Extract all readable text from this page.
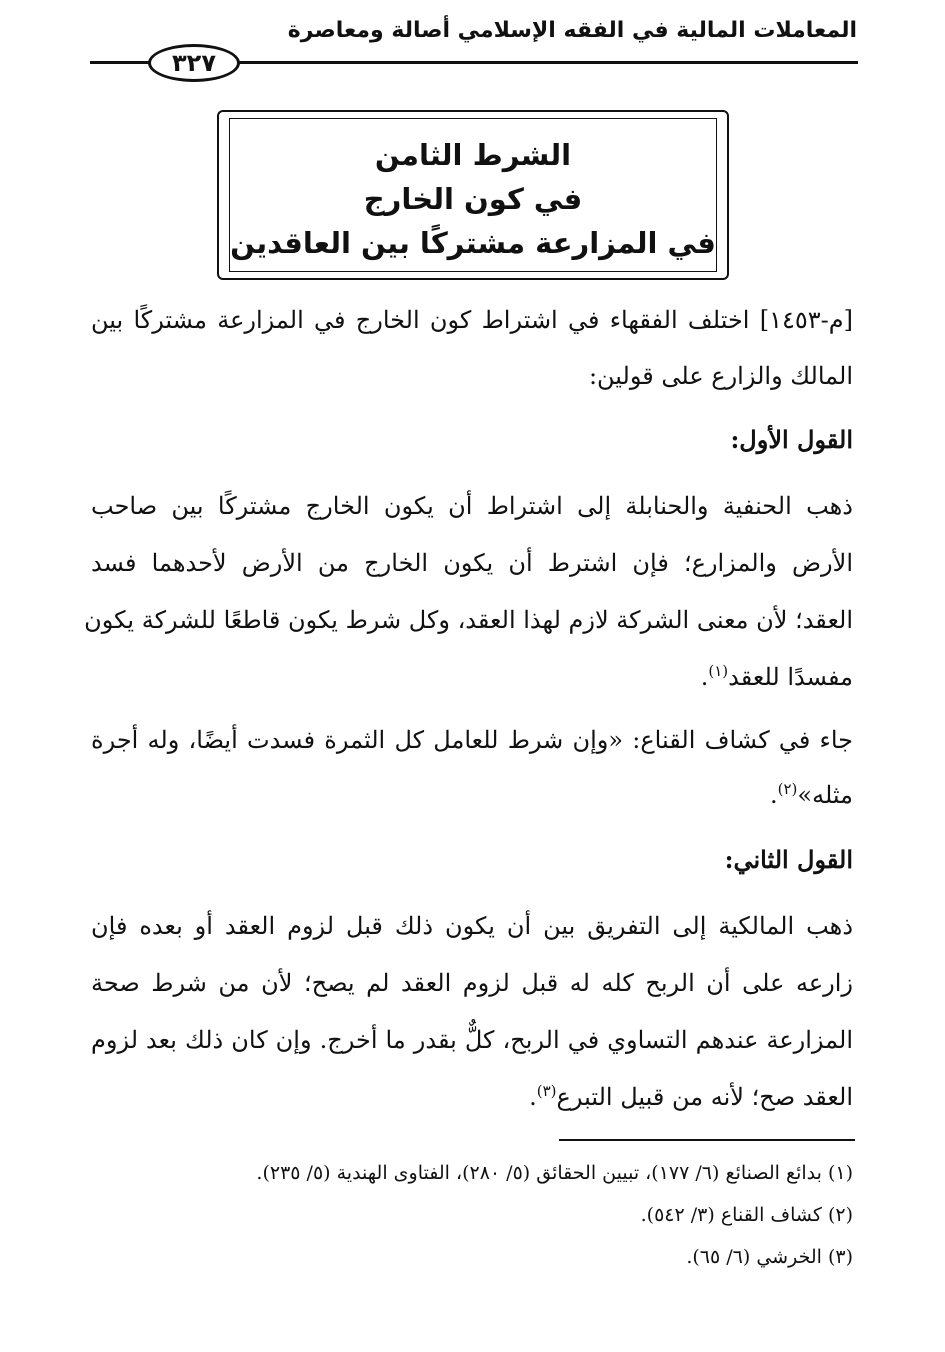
المعاملات المالية في الفقه الإسلامي أصالة ومعاصرة
٣٢٧
الشرط الثامن
في كون الخارج
في المزارعة مشتركًا بين العاقدين
[م-١٤٥٣] اختلف الفقهاء في اشتراط كون الخارج في المزارعة مشتركًا بين
المالك والزارع على قولين:
القول الأول:
ذهب الحنفية والحنابلة إلى اشتراط أن يكون الخارج مشتركًا بين صاحب
الأرض والمزارع؛ فإن اشترط أن يكون الخارج من الأرض لأحدهما فسد
العقد؛ لأن معنى الشركة لازم لهذا العقد، وكل شرط يكون قاطعًا للشركة يكون
مفسدًا للعقد$^{(١)}$.
جاء في كشاف القناع: «وإن شرط للعامل كل الثمرة فسدت أيضًا، وله أجرة
مثله»$^{(٢)}$.
القول الثاني:
ذهب المالكية إلى التفريق بين أن يكون ذلك قبل لزوم العقد أو بعده فإن
زارعه على أن الربح كله له قبل لزوم العقد لم يصح؛ لأن من شرط صحة
المزارعة عندهم التساوي في الربح، كلٌّ بقدر ما أخرج. وإن كان ذلك بعد لزوم
العقد صح؛ لأنه من قبيل التبرع$^{(٣)}$.
(١) بدائع الصنائع (٦/ ١٧٧)، تبيين الحقائق (٥/ ٢٨٠)، الفتاوى الهندية (٥/ ٢٣٥).
(٢) كشاف القناع (٣/ ٥٤٢).
(٣) الخرشي (٦/ ٦٥).
